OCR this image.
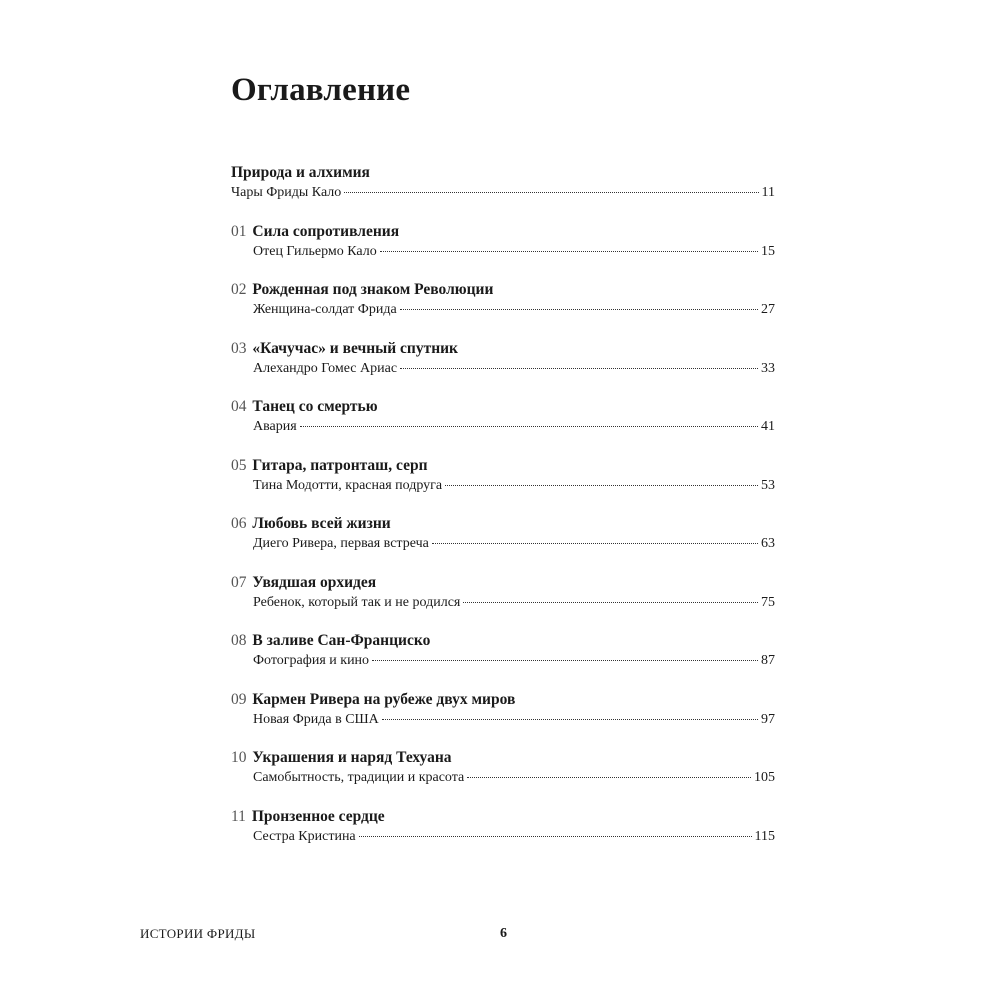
Оглавление
Природа и алхимия
Чары Фриды Кало	11
01 Сила сопротивления
Отец Гильермо Кало	15
02 Рожденная под знаком Революции
Женщина-солдат Фрида	27
03 «Качучас» и вечный спутник
Алехандро Гомес Ариас	33
04 Танец со смертью
Авария	41
05 Гитара, патронташ, серп
Тина Модотти, красная подруга	53
06 Любовь всей жизни
Диего Ривера, первая встреча	63
07 Увядшая орхидея
Ребенок, который так и не родился	75
08 В заливе Сан-Франциско
Фотография и кино	87
09 Кармен Ривера на рубеже двух миров
Новая Фрида в США	97
10 Украшения и наряд Техуана
Самобытность, традиции и красота	105
11 Пронзенное сердце
Сестра Кристина	115
ИСТОРИИ ФРИДЫ	6
